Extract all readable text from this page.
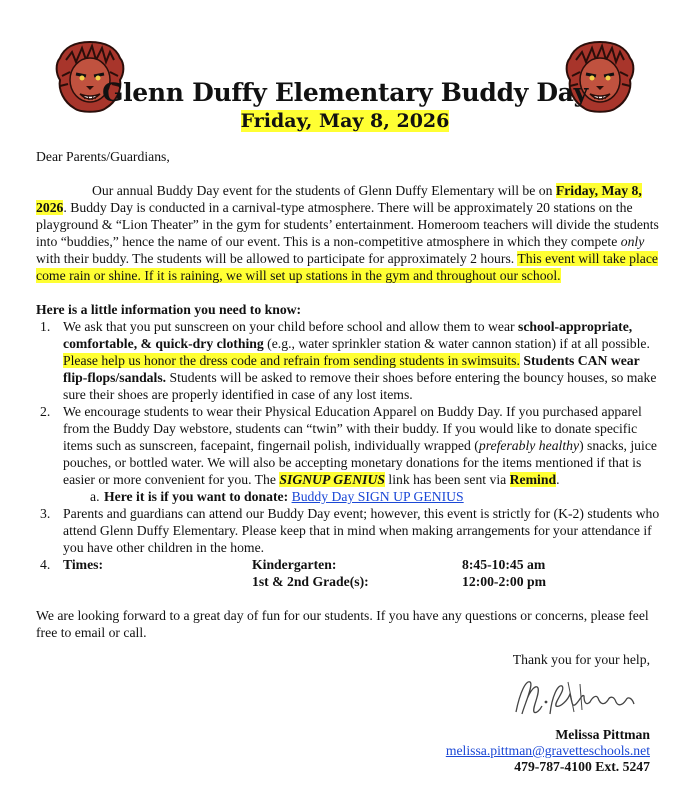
Glenn Duffy Elementary Buddy Day
Friday, May 8, 2026

Dear Parents/Guardians,

Our annual Buddy Day event for the students of Glenn Duffy Elementary will be on Friday, May 8, 2026. Buddy Day is conducted in a carnival-type atmosphere. There will be approximately 20 stations on the playground & “Lion Theater” in the gym for students’ entertainment. Homeroom teachers will divide the students into “buddies,” hence the name of our event. This is a non-competitive atmosphere in which they compete only with their buddy. The students will be allowed to participate for approximately 2 hours. This event will take place come rain or shine. If it is raining, we will set up stations in the gym and throughout our school.

Here is a little information you need to know:

1. We ask that you put sunscreen on your child before school and allow them to wear school-appropriate, comfortable, & quick-dry clothing (e.g., water sprinkler station & water cannon station) if at all possible. Please help us honor the dress code and refrain from sending students in swimsuits. Students CAN wear flip-flops/sandals. Students will be asked to remove their shoes before entering the bouncy houses, so make sure their shoes are properly identified in case of any lost items.
2. We encourage students to wear their Physical Education Apparel on Buddy Day. If you purchased apparel from the Buddy Day webstore, students can “twin” with their buddy. If you would like to donate specific items such as sunscreen, facepaint, fingernail polish, individually wrapped (preferably healthy) snacks, juice pouches, or bottled water. We will also be accepting monetary donations for the items mentioned if that is easier or more convenient for you. The SIGNUP GENIUS link has been sent via Remind.
a. Here it is if you want to donate: Buddy Day SIGN UP GENIUS
3. Parents and guardians can attend our Buddy Day event; however, this event is strictly for (K-2) students who attend Glenn Duffy Elementary. Please keep that in mind when making arrangements for your attendance if you have other children in the home.
4. Times:	Kindergarten:	8:45-10:45 am
1st & 2nd Grade(s):	12:00-2:00 pm

We are looking forward to a great day of fun for our students. If you have any questions or concerns, please feel free to email or call.

Thank you for your help,
Melissa Pittman
melissa.pittman@gravetteschools.net
479-787-4100 Ext. 5247
